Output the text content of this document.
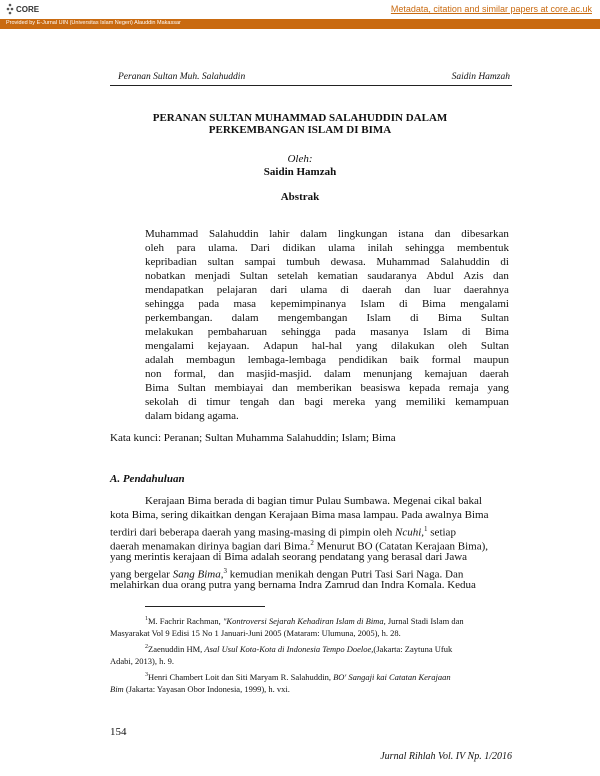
CORE	Metadata, citation and similar papers at core.ac.uk
Provided by E-Jurnal UIN (Universitas Islam Negeri) Alauddin Makassar
Peranan Sultan Muh. Salahuddin	Saidin Hamzah
PERANAN SULTAN MUHAMMAD SALAHUDDIN DALAM
PERKEMBANGAN ISLAM DI BIMA
Oleh:
Saidin Hamzah
Abstrak
Muhammad Salahuddin lahir dalam lingkungan istana dan dibesarkan
oleh para ulama. Dari didikan ulama inilah sehingga membentuk
kepribadian sultan sampai tumbuh dewasa. Muhammad Salahuddin di
nobatkan menjadi Sultan setelah kematian saudaranya Abdul Azis dan
mendapatkan pelajaran dari ulama di daerah dan luar daerahnya
sehingga pada masa kepemimpinanya Islam di Bima mengalami
perkembangan. dalam mengembangan Islam di Bima Sultan
melakukan pembaharuan sehingga pada masanya Islam di Bima
mengalami kejayaan. Adapun hal-hal yang dilakukan oleh Sultan
adalah membagun lembaga-lembaga pendidikan baik formal maupun
non formal, dan masjid-masjid. dalam menunjang kemajuan daerah
Bima Sultan membiayai dan memberikan beasiswa kepada remaja yang
sekolah di timur tengah dan bagi mereka yang memiliki kemampuan
dalam bidang agama.
Kata kunci: Peranan; Sultan Muhamma Salahuddin; Islam; Bima
A. Pendahuluan
Kerajaan Bima berada di bagian timur Pulau Sumbawa. Megenai cikal bakal
kota Bima, sering dikaitkan dengan Kerajaan Bima masa lampau. Pada awalnya Bima
terdiri dari beberapa daerah yang masing-masing di pimpin oleh Ncuhi,$^1$ setiap
daerah menamakan dirinya bagian dari Bima.$^2$ Menurut BO (Catatan Kerajaan Bima),
yang merintis kerajaan di Bima adalah seorang pendatang yang berasal dari Jawa
yang bergelar Sang Bima,$^3$ kemudian menikah dengan Putri Tasi Sari Naga. Dan
melahirkan dua orang putra yang bernama Indra Zamrud dan Indra Komala. Kedua
$^1$M. Fachrir Rachman, "Kontroversi Sejarah Kehadiran Islam di Bima, Jurnal Stadi Islam dan
Masyarakat Vol 9 Edisi 15 No 1 Januari-Juni 2005 (Mataram: Ulumuna, 2005), h. 28.
$^2$Zaenuddin HM, Asal Usul Kota-Kota di Indonesia Tempo Doeloe,(Jakarta: Zaytuna Ufuk
Adabi, 2013), h. 9.
$^3$Henri Chambert Loit dan Siti Maryam R. Salahuddin, BO' Sangaji kai Catatan Kerajaan
Bim (Jakarta: Yayasan Obor Indonesia, 1999), h. vxi.
154
Jurnal Rihlah Vol. IV Np. 1/2016
